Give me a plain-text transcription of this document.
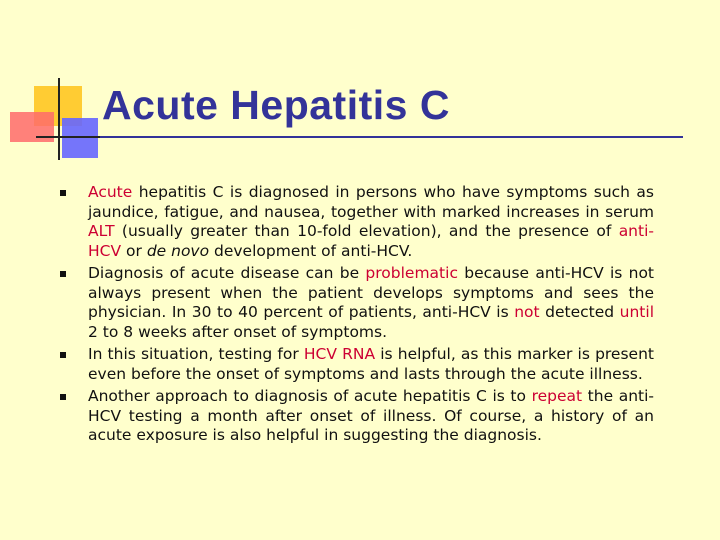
Acute Hepatitis C
Acute hepatitis C is diagnosed in persons who have symptoms such as jaundice, fatigue, and nausea, together with marked increases in serum ALT (usually greater than 10-fold elevation), and the presence of anti-HCV or de novo development of anti-HCV.
Diagnosis of acute disease can be problematic because anti-HCV is not always present when the patient develops symptoms and sees the physician. In 30 to 40 percent of patients, anti-HCV is not detected until 2 to 8 weeks after onset of symptoms.
In this situation, testing for HCV RNA is helpful, as this marker is present even before the onset of symptoms and lasts through the acute illness.
Another approach to diagnosis of acute hepatitis C is to repeat the anti-HCV testing a month after onset of illness. Of course, a history of an acute exposure is also helpful in suggesting the diagnosis.
